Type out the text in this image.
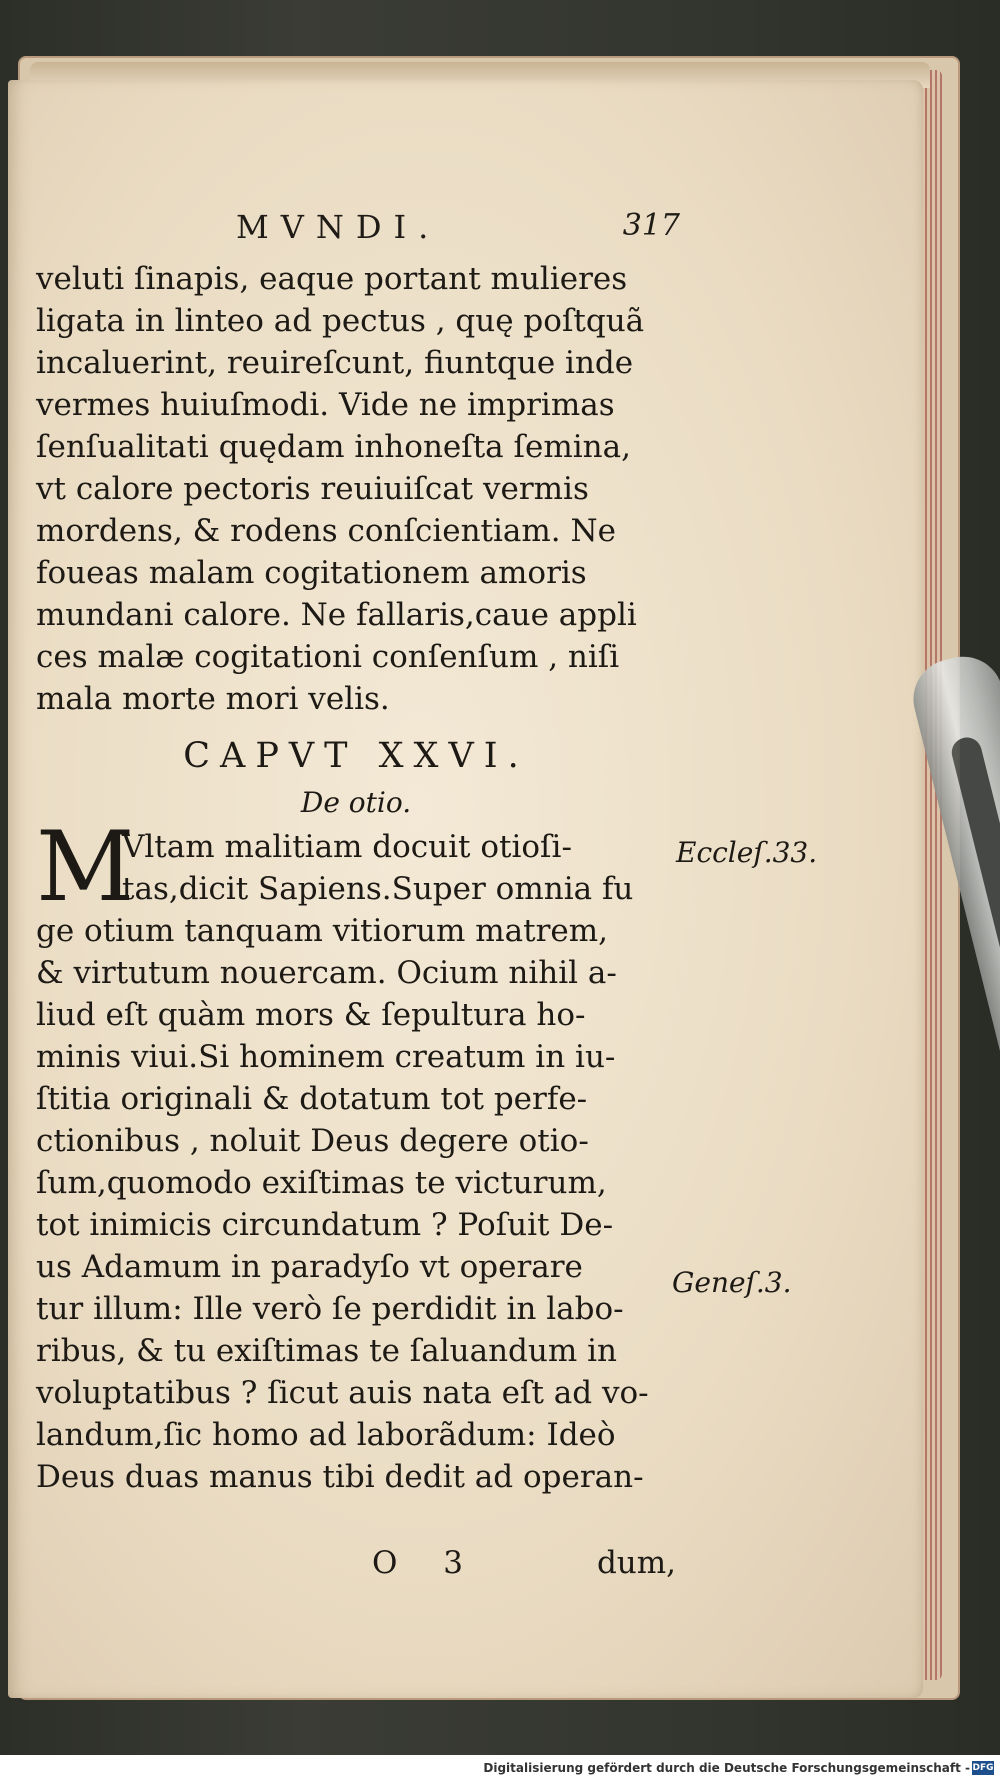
MVNDI.	317
veluti ſinapis, eaque portant mulieres
ligata in linteo ad pectus , quę poſtquã
incaluerint, reuireſcunt, fiuntque inde
vermes huiuſmodi. Vide ne imprimas
ſenſualitati quędam inhoneſta ſemina,
vt calore pectoris reuiuiſcat vermis
mordens, & rodens conſcientiam. Ne
foueas malam cogitationem amoris
mundani calore. Ne fallaris,caue appli
ces malæ cogitationi conſenſum , niſi
mala morte mori velis.
CAPVT XXVI.
De otio.
M
Vltam malitiam docuit otioſi-
tas,dicit Sapiens.Super omnia fu
ge otium tanquam vitiorum matrem,
& virtutum nouercam. Ocium nihil a-
liud eſt quàm mors & ſepultura ho-
minis viui.Si hominem creatum in iu-
ſtitia originali & dotatum tot perfe-
ctionibus , noluit Deus degere otio-
ſum,quomodo exiſtimas te victurum,
tot inimicis circundatum ? Poſuit De-
us Adamum in paradyſo vt operare
tur illum: Ille verò ſe perdidit in labo-
ribus, & tu exiſtimas te ſaluandum in
voluptatibus ? ſicut auis nata eſt ad vo-
landum,ſic homo ad laborãdum: Ideò
Deus duas manus tibi dedit ad operan-
Eccleſ.33.
Geneſ.3.
O 3	dum,
Digitalisierung gefördert durch die Deutsche Forschungsgemeinschaft - DFG
